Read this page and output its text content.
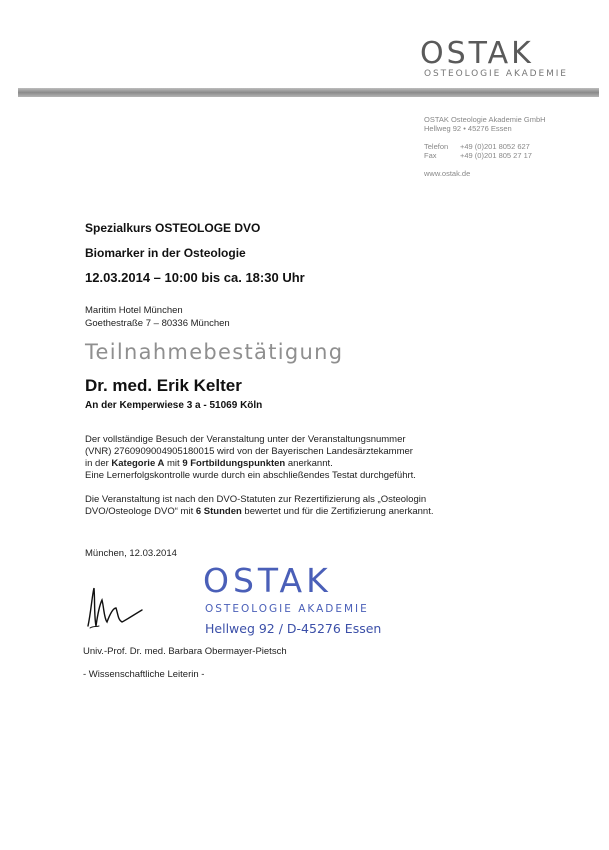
OSTAK
OSTEOLOGIE AKADEMIE
OSTAK Osteologie Akademie GmbH
Hellweg 92 • 45276 Essen
Telefon +49 (0)201 8052 627
Fax	+49 (0)201 805 27 17
www.ostak.de
Spezialkurs OSTEOLOGE DVO
Biomarker in der Osteologie
12.03.2014 – 10:00 bis ca. 18:30 Uhr
Maritim Hotel München
Goethestraße 7 – 80336 München
Teilnahmebestätigung
Dr. med. Erik Kelter
An der Kemperwiese 3 a - 51069 Köln
Der vollständige Besuch der Veranstaltung unter der Veranstaltungsnummer
(VNR) 2760909004905180015 wird von der Bayerischen Landesärztekammer
in der Kategorie A mit 9 Fortbildungspunkten anerkannt.
Eine Lernerfolgskontrolle wurde durch ein abschließendes Testat durchgeführt.
Die Veranstaltung ist nach den DVO-Statuten zur Rezertifizierung als „Osteologin
DVO/Osteologe DVO“ mit 6 Stunden bewertet und für die Zertifizierung anerkannt.
München, 12.03.2014
OSTAK
OSTEOLOGIE AKADEMIE
Hellweg 92 / D-45276 Essen
Univ.-Prof. Dr. med. Barbara Obermayer-Pietsch
- Wissenschaftliche Leiterin -
